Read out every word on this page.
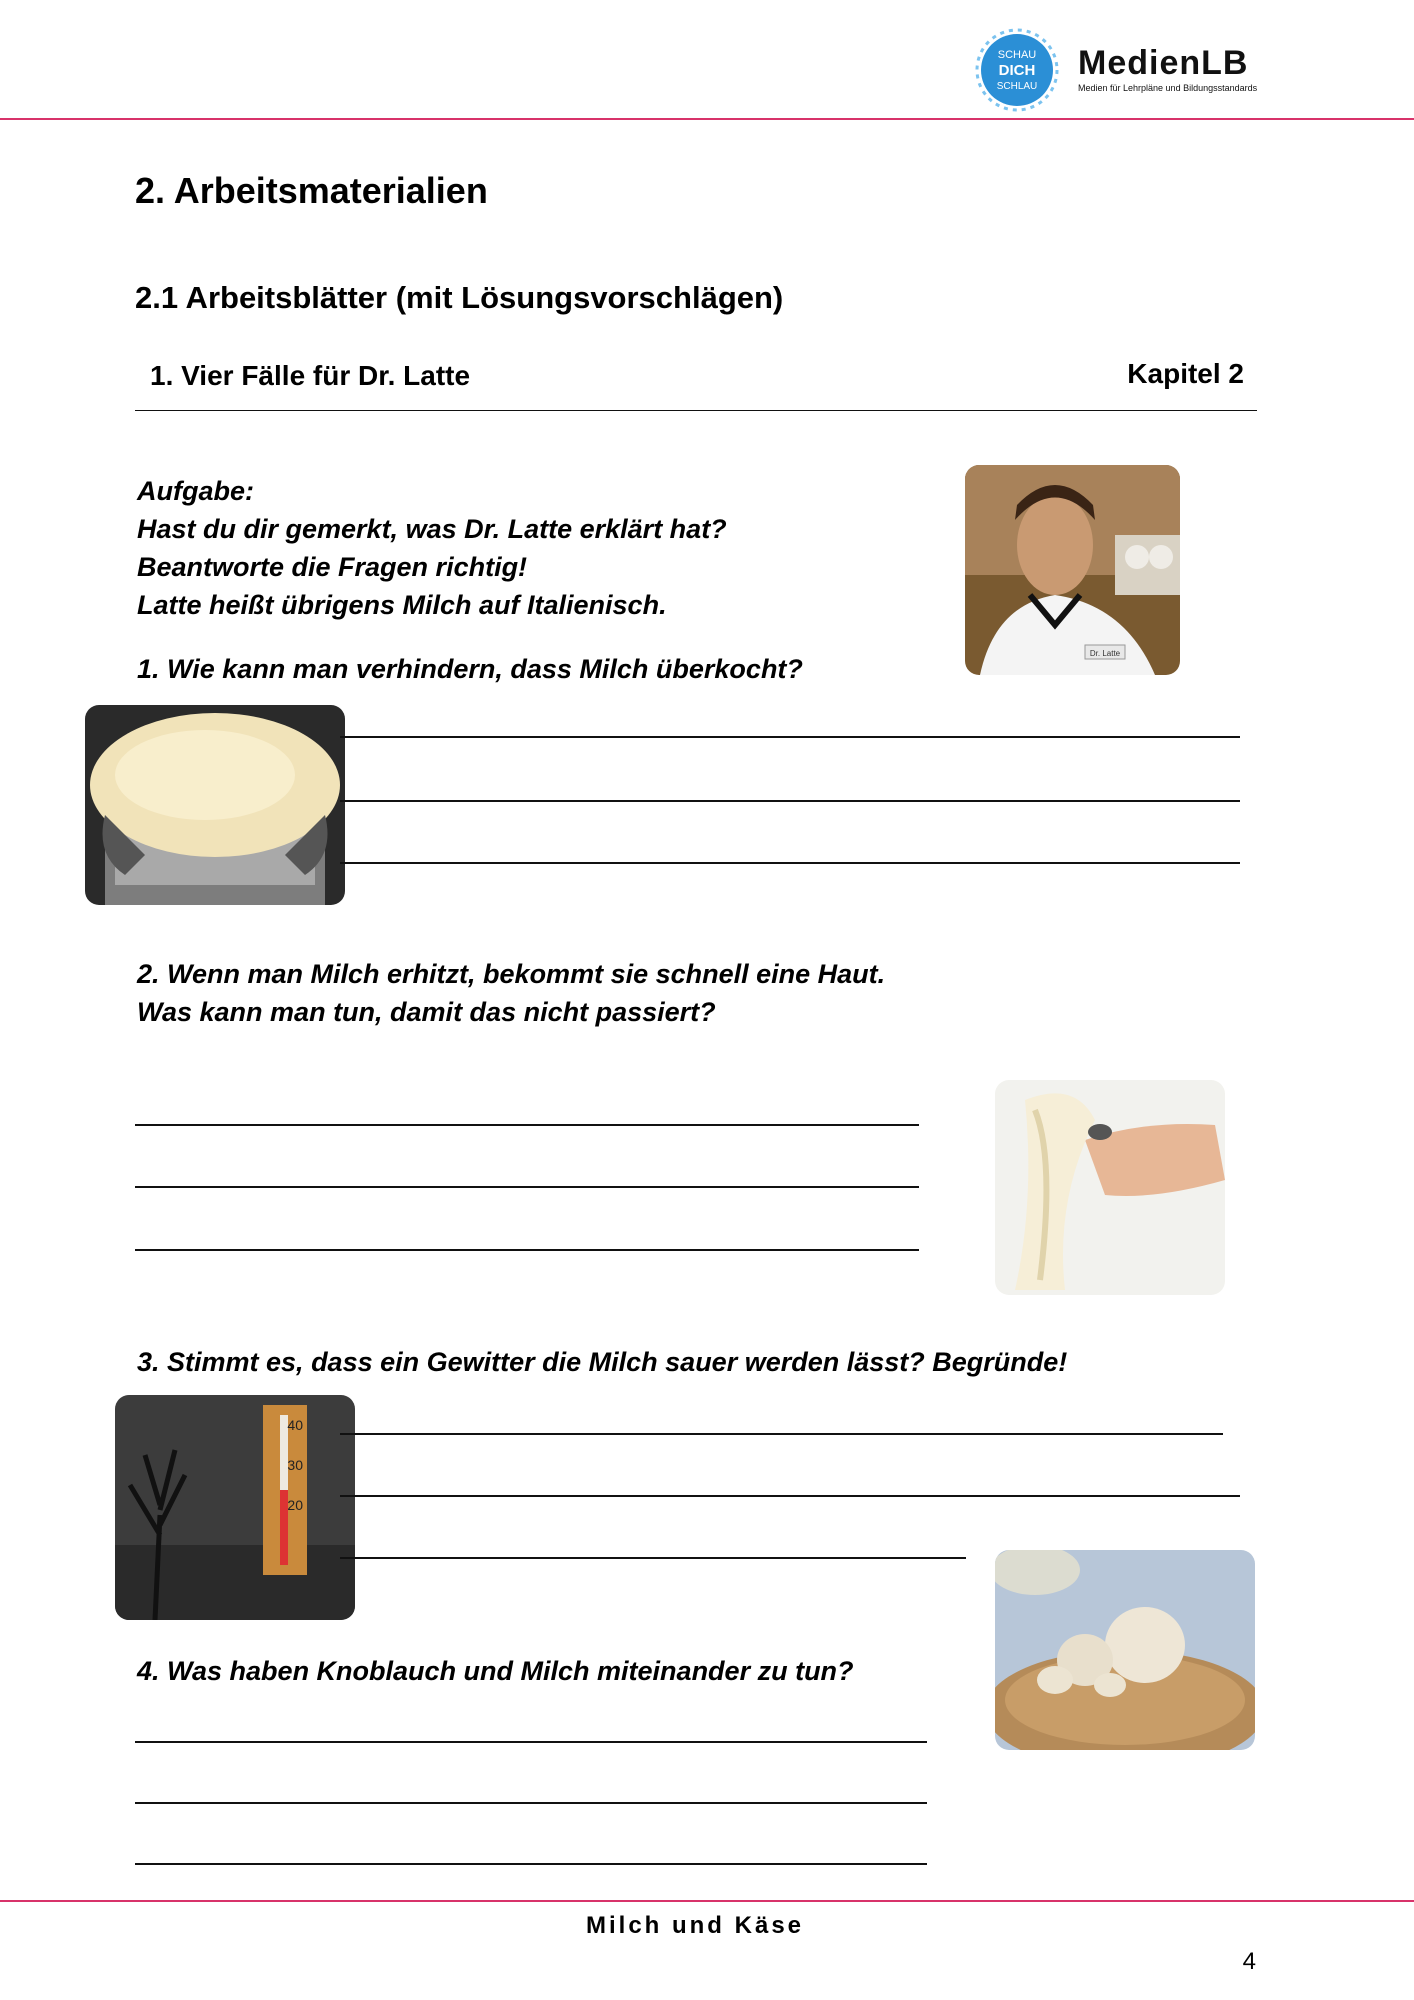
SCHAU
DICH
SCHLAU
MedienLB
Medien für Lehrpläne und Bildungsstandards
2. Arbeitsmaterialien
2.1 Arbeitsblätter (mit Lösungsvorschlägen)
1. Vier Fälle für Dr. Latte	Kapitel 2
Aufgabe:
Hast du dir gemerkt, was Dr. Latte erklärt hat?
Beantworte die Fragen richtig!
Latte heißt übrigens Milch auf Italienisch.
Dr. Latte
1. Wie kann man verhindern, dass Milch überkocht?
2. Wenn man Milch erhitzt, bekommt sie schnell eine Haut.
Was kann man tun, damit das nicht passiert?
3. Stimmt es, dass ein Gewitter die Milch sauer werden lässt? Begründe!
40
30
20
4. Was haben Knoblauch und Milch miteinander zu tun?
Milch und Käse
4
